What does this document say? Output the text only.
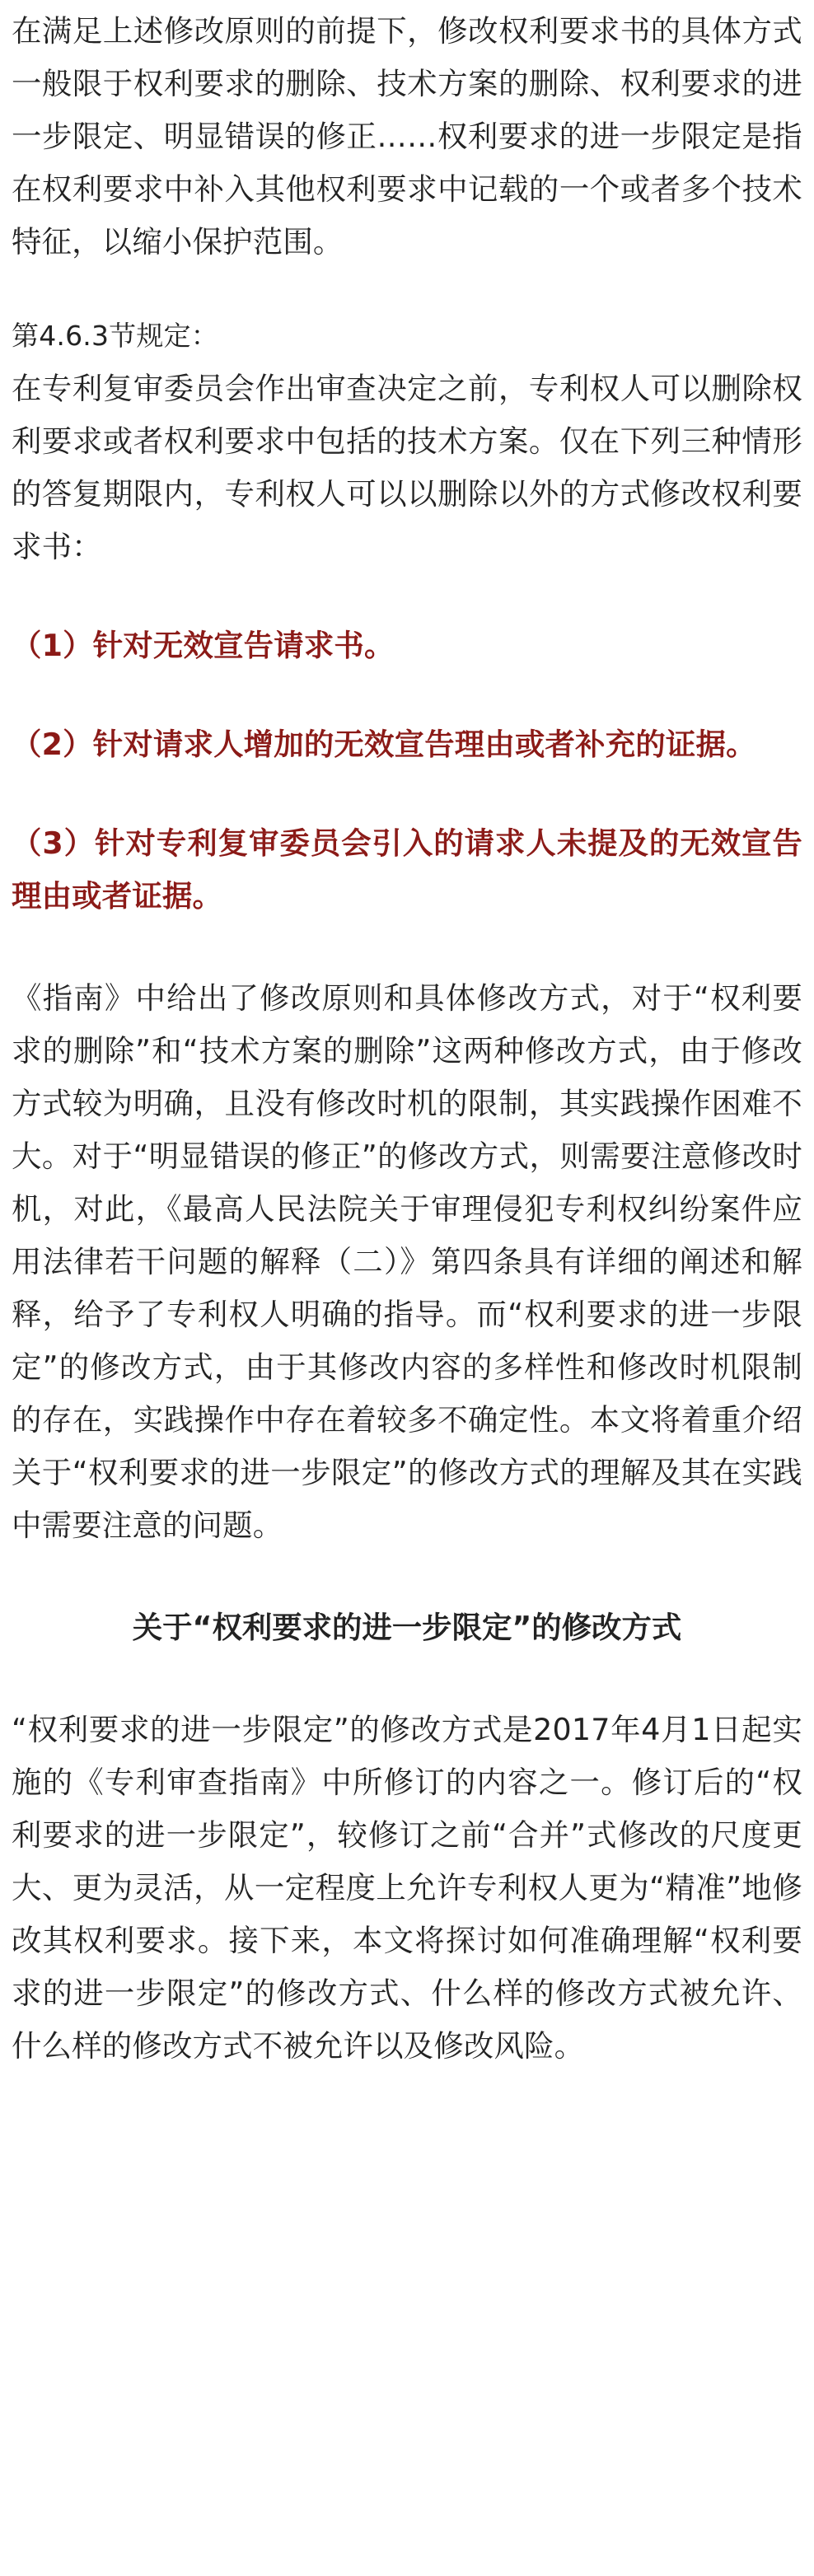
在满足上述修改原则的前提下，修改权利要求书的具体方式一般限于权利要求的删除、技术方案的删除、权利要求的进一步限定、明显错误的修正……权利要求的进一步限定是指在权利要求中补入其他权利要求中记载的一个或者多个技术特征，以缩小保护范围。

第4.6.3节规定：

在专利复审委员会作出审查决定之前，专利权人可以删除权利要求或者权利要求中包括的技术方案。仅在下列三种情形的答复期限内，专利权人可以以删除以外的方式修改权利要求书：

（1）针对无效宣告请求书。

（2）针对请求人增加的无效宣告理由或者补充的证据。

（3）针对专利复审委员会引入的请求人未提及的无效宣告理由或者证据。

《指南》中给出了修改原则和具体修改方式，对于“权利要求的删除”和“技术方案的删除”这两种修改方式，由于修改方式较为明确，且没有修改时机的限制，其实践操作困难不大。对于“明显错误的修正”的修改方式，则需要注意修改时机，对此，《最高人民法院关于审理侵犯专利权纠纷案件应用法律若干问题的解释（二）》第四条具有详细的阐述和解释，给予了专利权人明确的指导。而“权利要求的进一步限定”的修改方式，由于其修改内容的多样性和修改时机限制的存在，实践操作中存在着较多不确定性。本文将着重介绍关于“权利要求的进一步限定”的修改方式的理解及其在实践中需要注意的问题。

关于“权利要求的进一步限定”的修改方式

“权利要求的进一步限定”的修改方式是2017年4月1日起实施的《专利审查指南》中所修订的内容之一。修订后的“权利要求的进一步限定”，较修订之前“合并”式修改的尺度更大、更为灵活，从一定程度上允许专利权人更为“精准”地修改其权利要求。接下来，本文将探讨如何准确理解“权利要求的进一步限定”的修改方式、什么样的修改方式被允许、什么样的修改方式不被允许以及修改风险。
